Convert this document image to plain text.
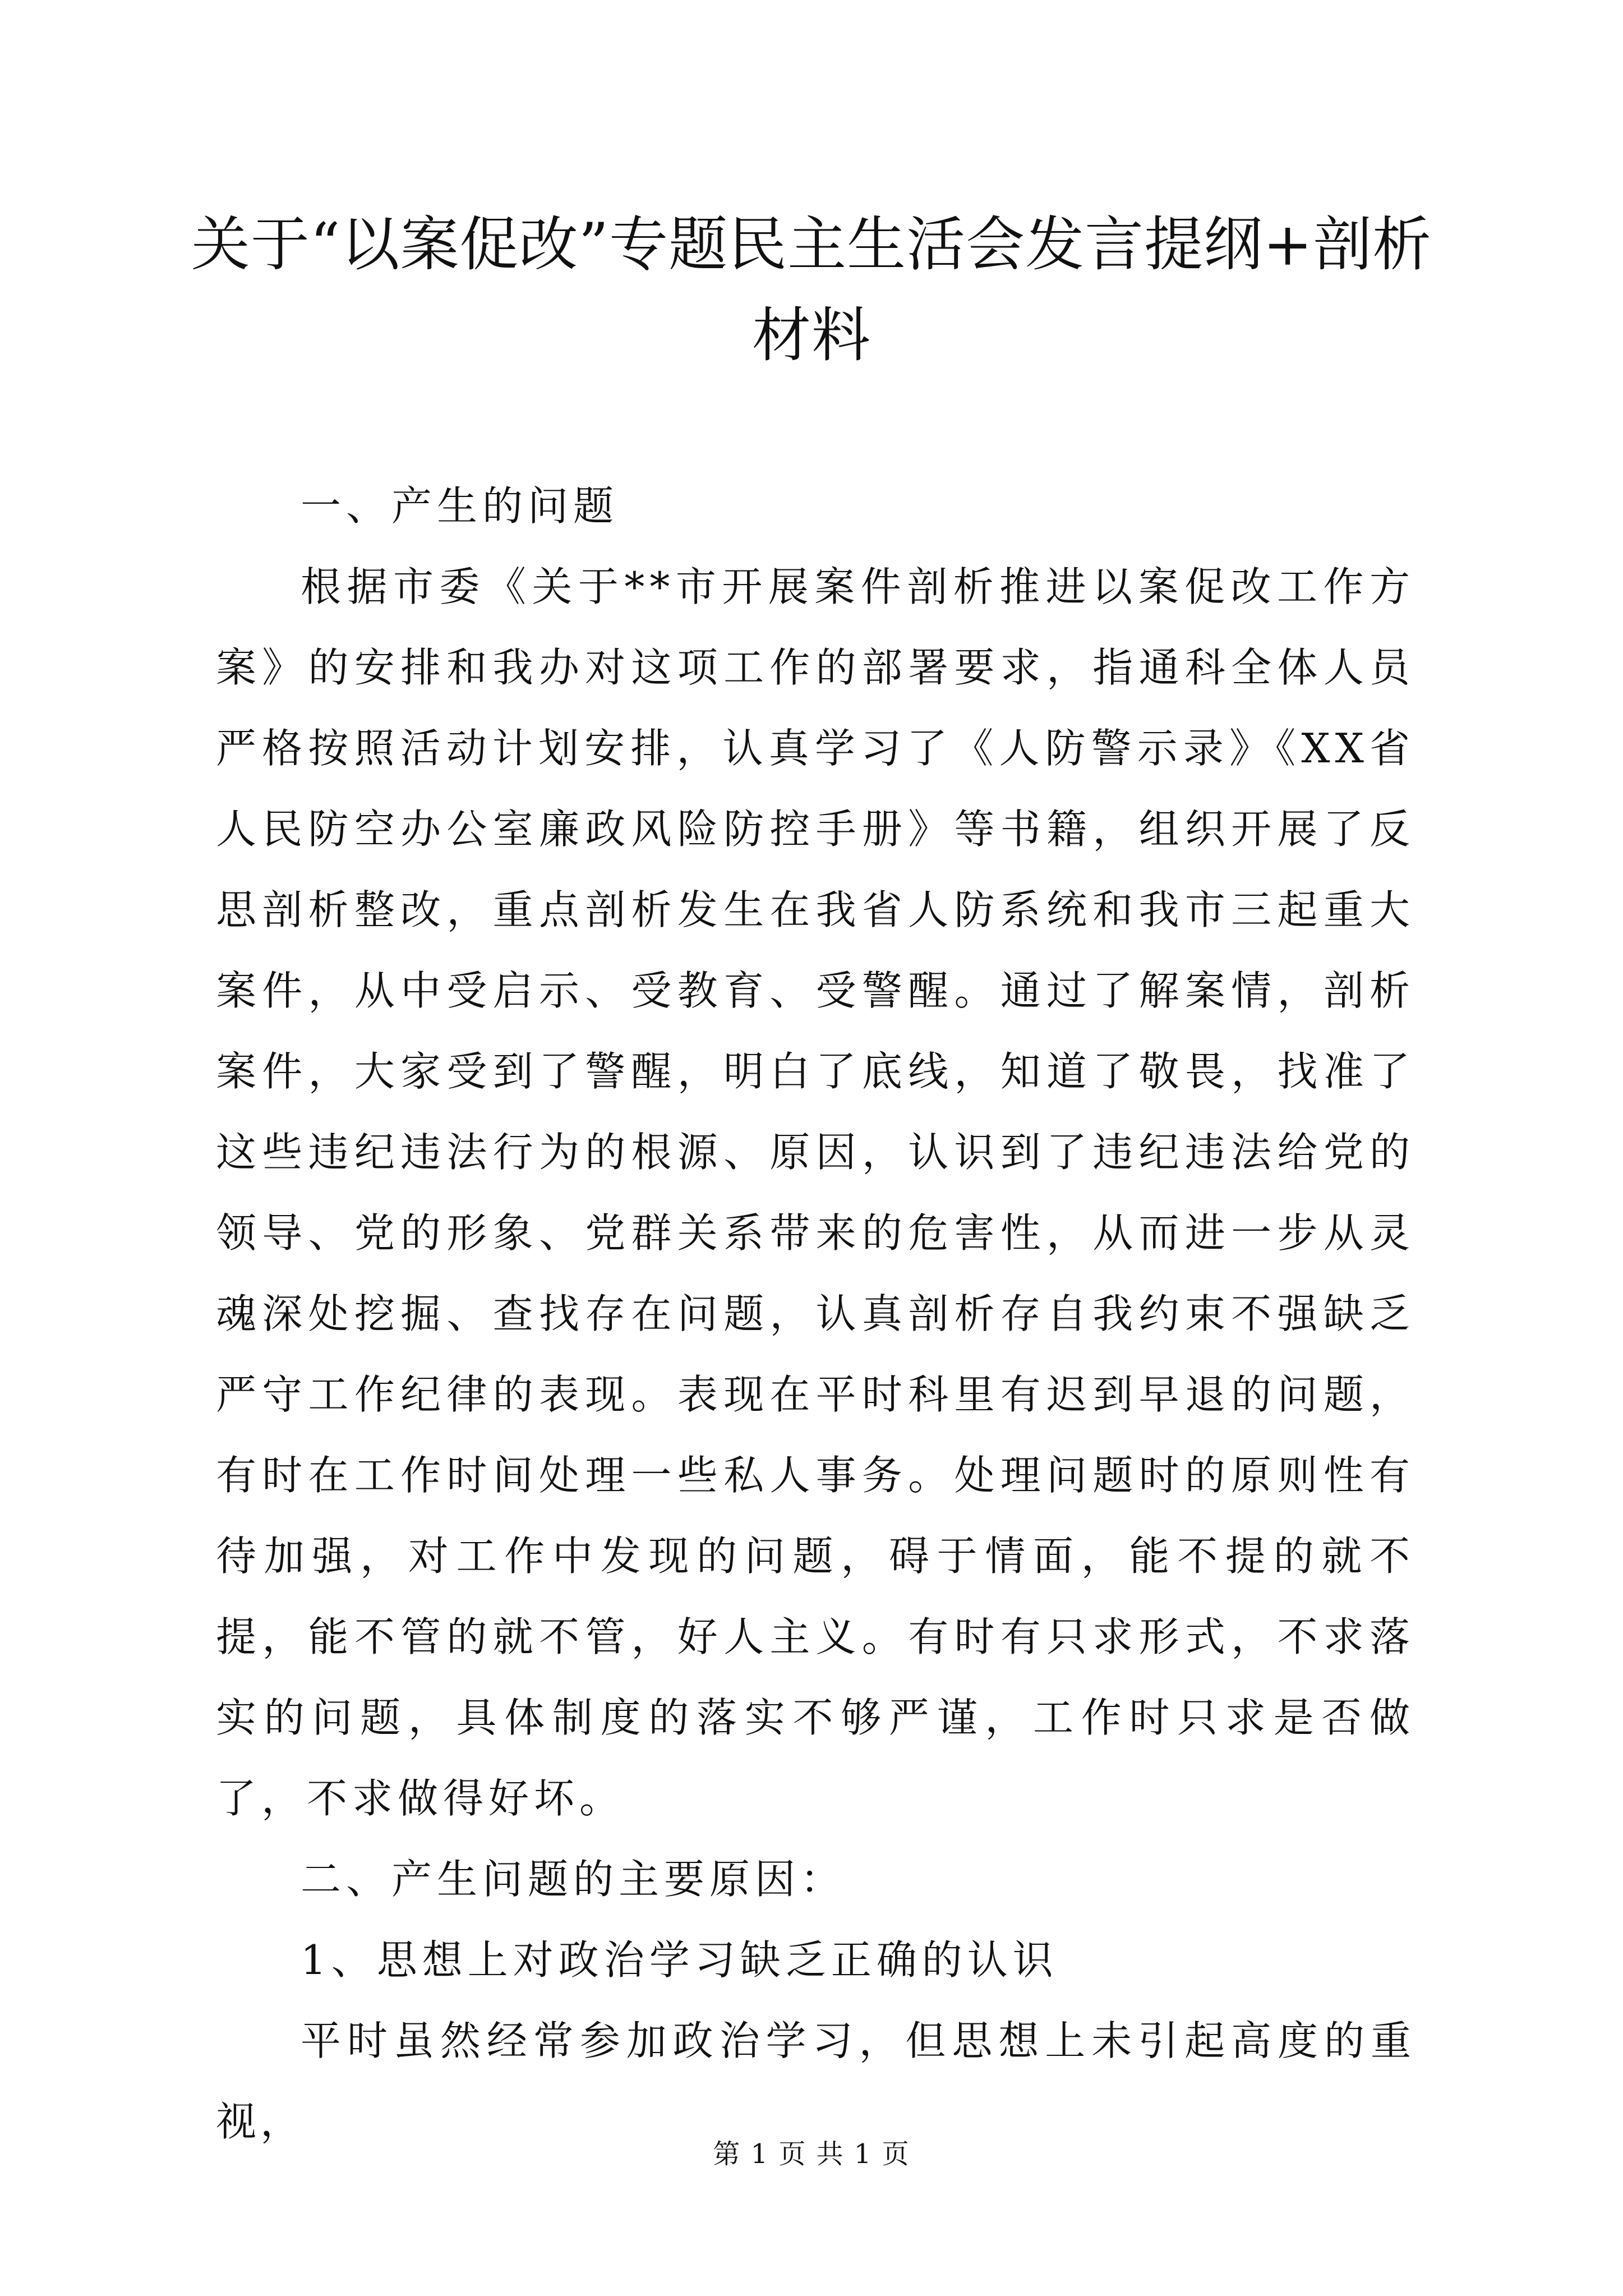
关于“以案促改”专题民主生活会发言提纲+剖析材料

一、产生的问题

根据市委《关于**市开展案件剖析推进以案促改工作方案》的安排和我办对这项工作的部署要求，指通科全体人员严格按照活动计划安排，认真学习了《人防警示录》《XX省人民防空办公室廉政风险防控手册》等书籍，组织开展了反思剖析整改，重点剖析发生在我省人防系统和我市三起重大案件，从中受启示、受教育、受警醒。通过了解案情，剖析案件，大家受到了警醒，明白了底线，知道了敬畏，找准了这些违纪违法行为的根源、原因，认识到了违纪违法给党的领导、党的形象、党群关系带来的危害性，从而进一步从灵魂深处挖掘、查找存在问题，认真剖析存自我约束不强缺乏严守工作纪律的表现。表现在平时科里有迟到早退的问题，有时在工作时间处理一些私人事务。处理问题时的原则性有待加强，对工作中发现的问题，碍于情面，能不提的就不提，能不管的就不管，好人主义。有时有只求形式，不求落实的问题，具体制度的落实不够严谨，工作时只求是否做了，不求做得好坏。

二、产生问题的主要原因：

1、思想上对政治学习缺乏正确的认识

平时虽然经常参加政治学习，但思想上未引起高度的重视，

第 1 页 共 1 页
